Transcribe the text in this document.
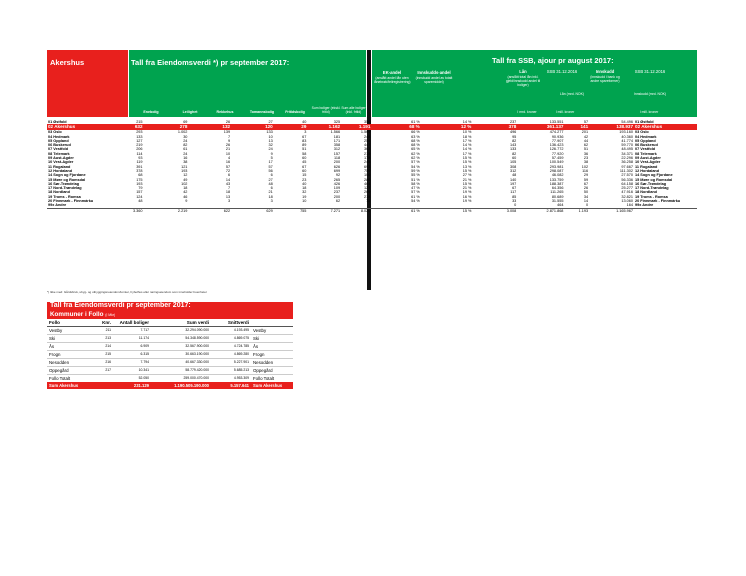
Akershus	Tall fra Eiendomsverdi *) pr september 2017:
Enebolig	Leilighet	Rekkehus	Tomannsbolig	Fritidsbolig
Sum boliger (ekskl. fritid)
Sum alle boliger (inkl. fritid)
Tall fra SSB, ajour pr august 2017:
EK-andel
(anslått andel lån uten lånebrøk/feilregistrering)
Innskudds-andel
(innskudd andel av totalt sparemiddel)
Lån
(anslått total lån inkl. gjeld/innskudd andel til boliger)
SSB 31.12.2016	Innskudd
(innskudd i bank og andre spareformer)
SSB 31.12.2016
Lån (mrd. NOK)	Innskudd (mrd. NOK)
I mrd. kroner	I mill. kroner	I mill. kroner
01 Østfold	215	69	26	27	40	325	356		61 %	14 %	237	133.551	57	54.496	01 Østfold
02 Akershus	632	278	132	120	29	1.162	1.191		68 %	12 %	378	361.137	141	138.937	02 Akershus
03 Oslo	293	1.002	139	133	3	1.566	1.569		66 %	10 %	496	474.277	201	193.160	03 Oslo
04 Hedmark	133	30	7	10	67	181	248		63 %	18 %	95	90.936	42	40.360	04 Hedmark
05 Oppland	127	24	9	13	83	171	254		68 %	17 %	82	77.907	44	41.774	05 Oppland
06 Buskerud	219	82	26	32	89	358	447		68 %	14 %	143	136.423	62	59.770	06 Buskerud
07 Vestfold	206	61	21	24	51	312	363		65 %	14 %	133	126.772	51	48.495	07 Vestfold
08 Telemark	114	24	10	9	58	157	215		62 %	17 %	82	77.920	36	34.371	08 Telemark
09 Aust-Agder	93	16	4	5	60	118	178		62 %	15 %	60	57.459	23	22.296	09 Aust-Agder
10 Vest-Agder	119	38	16	17	45	200	245		57 %	15 %	105	100.549	38	36.258	10 Vest-Agder
11 Rogaland	391	121	57	57	67	626	693		54 %	13 %	308	293.981	102	97.667	11 Rogaland
12 Hordaland	378	193	72	56	60	699	759		59 %	15 %	312	298.087	116	111.302	12 Hordaland
14 Sogn og Fjordane	68	12	6	6	15	92	106		55 %	27 %	48	46.082	29	27.570	14 Sogn og Fjordane
15 Møre og Romsdal	175	49	14	27	23	265	286		51 %	21 %	140	133.759	59	56.336	15 Møre og Romsdal
16 Sør-Trøndelag	193	102	43	48	40	426	464		58 %	15 %	197	188.387	67	64.158	16 Sør-Trøndelag
17 Nord-Trøndelag	79	18	7	6	18	109	127		47 %	21 %	67	64.356	26	25.277	17 Nord-Trøndelag
18 Nordland	157	42	18	21	32	237	269		57 %	19 %	117	111.265	50	47.916	18 Nordland
19 Troms - Romsa	124	46	13	18	19	200	218		61 %	16 %	85	80.689	34	32.821	19 Troms - Romsa
20 Finnmark - Finnmárku	48	9	3	3	10	62	72		54 %	19 %	33	31.555	14	13.060	20 Finnmark - Finnmárku
99x Andre											0	464	0	164	99x Andre
	3.360	2.219	622	629	755	7.271	8.026		61 %	15 %	3.008	2.871.868	1.193	1.165.967	
*) Ikke med: Gårdsbruk, ubyg- og utbyggingsneiendom/tomter, hybelhus eller naringseiendom som inneholder boenheter
Tall fra Eiendomsverdi pr september 2017:
Kommuner i Follo (i Mkr)
Follo	Knr.	Antall boliger	Sum verdi	Snittverdi	
Vestby	211	7.717	32.294.090.000	4.193.495	Vestby
Ski	213	11.174	54.348.590.000	4.869.075	Ski
Ås	214	6.909	32.567.900.000	4.724.785	Ås
Frogn	215	6.315	30.663.190.000	4.869.280	Frogn
Nesodden	216	7.794	40.667.330.000	5.227.901	Nesodden
Oppegård	217	10.341	58.779.420.000	5.685.213	Oppegård
Follo Totalt		52.050	259.000.470.000	4.953.309	Follo Totalt
Sum Akershus		231.129	1.190.505.190.000	5.157.641	Sum Akershus
